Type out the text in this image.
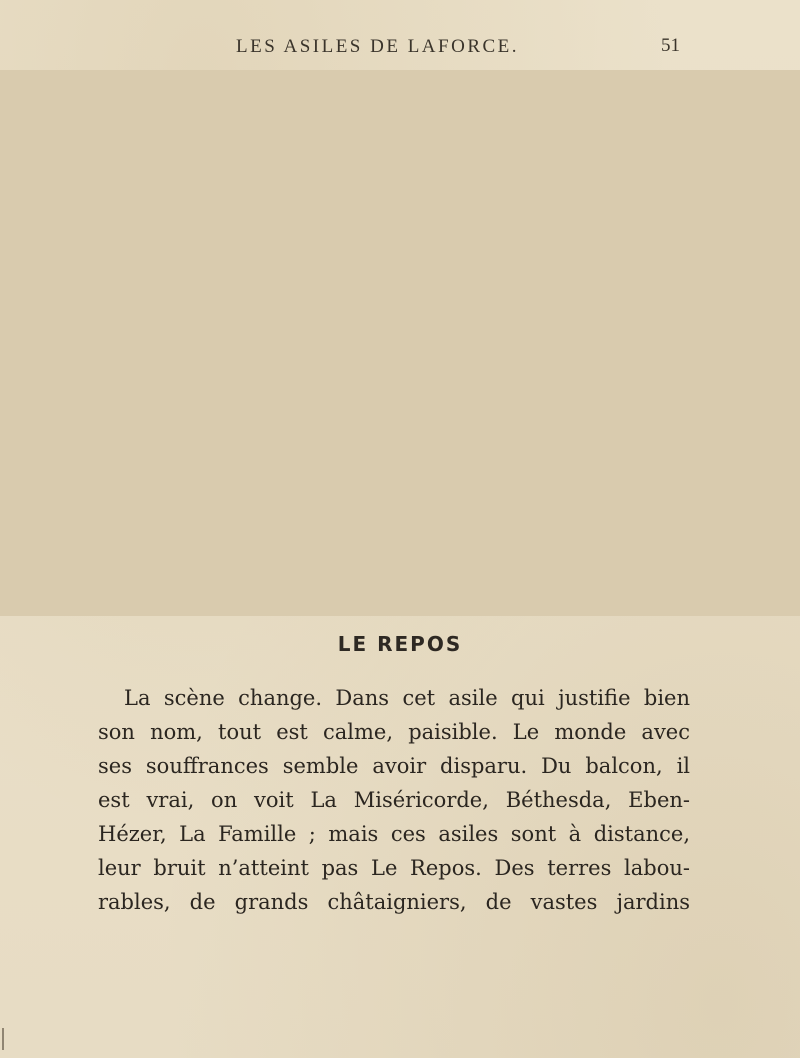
LES ASILES DE LAFORCE.	51
LE REPOS
La scène change. Dans cet asile qui justifie bien
son nom, tout est calme, paisible. Le monde avec
ses souffrances semble avoir disparu. Du balcon, il
est vrai, on voit La Miséricorde, Béthesda, Eben-
Hézer, La Famille ; mais ces asiles sont à distance,
leur bruit n’atteint pas Le Repos. Des terres labou-
rables, de grands châtaigniers, de vastes jardins
